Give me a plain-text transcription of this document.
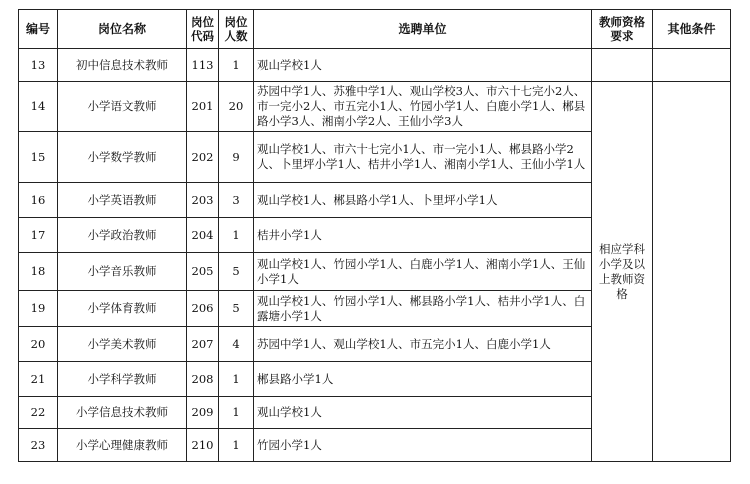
编号	岗位名称	岗位代码	岗位人数	选聘单位	教师资格要求	其他条件
13	初中信息技术教师	113	1	观山学校1人		
14	小学语文教师	201	20	苏园中学1人、苏雅中学1人、观山学校3人、市六十七完小2人、市一完小2人、市五完小1人、竹园小学1人、白鹿小学1人、郴县路小学3人、湘南小学2人、王仙小学3人	相应学科小学及以上教师资格	
15	小学数学教师	202	9	观山学校1人、市六十七完小1人、市一完小1人、郴县路小学2人、卜里坪小学1人、桔井小学1人、湘南小学1人、王仙小学1人		
16	小学英语教师	203	3	观山学校1人、郴县路小学1人、卜里坪小学1人		
17	小学政治教师	204	1	桔井小学1人		
18	小学音乐教师	205	5	观山学校1人、竹园小学1人、白鹿小学1人、湘南小学1人、王仙小学1人		
19	小学体育教师	206	5	观山学校1人、竹园小学1人、郴县路小学1人、桔井小学1人、白露塘小学1人		
20	小学美术教师	207	4	苏园中学1人、观山学校1人、市五完小1人、白鹿小学1人		
21	小学科学教师	208	1	郴县路小学1人		
22	小学信息技术教师	209	1	观山学校1人		
23	小学心理健康教师	210	1	竹园小学1人		
